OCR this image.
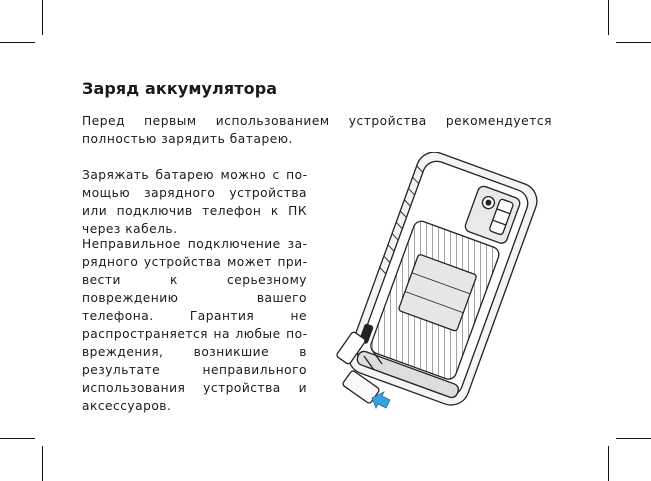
Заряд аккумулятора

Перед первым использованием устройства рекомендуется полностью зарядить батарею.

Заряжать батарею можно с помощью зарядного устройства или подключив телефон к ПК через кабель.

Неправильное подключение зарядного устройства может привести к серьезному повреждению вашего телефона. Гарантия не распространяется на любые повреждения, возникшие в результате неправильного использования устройства и аксессуаров.
